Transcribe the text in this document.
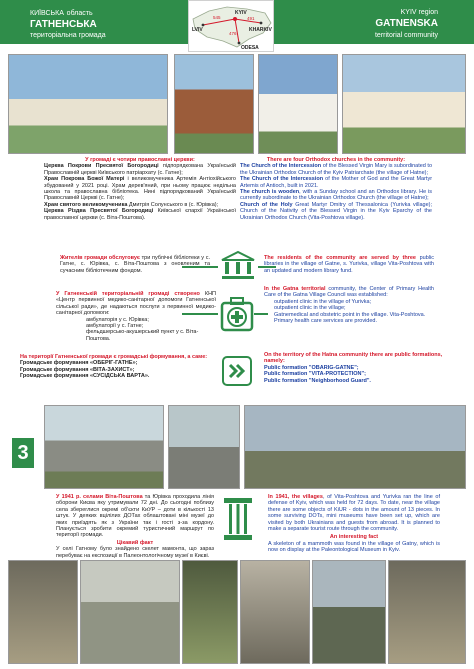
КИЇВСЬКА область
ГАТНЕНСЬКА
територіальна громада
KYIV region
GATNENSKA
territorial community
KYIV
LVIV	KHARKIV
ODESA
545	491
476

У громаді є чотири православні церкви:

Церква Покрови Пресвятої Богородиці підпорядкована Українській Православній церкві Київського патріархату (с. Гатне);

Храм Покрова Божої Матері і великомученика Артемія Антіохійського збудований у 2021 році. Храм дерев'яний, при ньому працює недільна школа та православна бібліотека. Нині підпорядкований Українській Православній Церкві (с. Гатне);

Храм святого великомученика Дмитрія Солунського в (с. Юрівка);

Церква Різдва Пресвятої Богородиці Київської єпархії Української православної церкви (с. Віта-Поштова).

There are four Orthodox churches in the community:

The Church of the Intercession of the Blessed Virgin Mary is subordinated to the Ukrainian Orthodox Church of the Kyiv Patriarchate (the village of Hatne);

The Church of the Intercession of the Mother of God and the Great Martyr Artemis of Antioch, built in 2021.

The church is wooden, with a Sunday school and an Orthodox library. He is currently subordinate to the Ukrainian Orthodox Church (the village of Hatne);

Church of the Holy Great Martyr Dmitry of Thessalonica (Yurivka village); Church of the Nativity of the Blessed Virgin in the Kyiv Eparchy of the Ukrainian Orthodox Church (Vita-Poshtova village).

Жителів громади обслуговує три публічні бібліотеки у с. Гатне, с. Юрівка, с. Віта-Поштова з оновленим та сучасним бібліотечним фондом.
The residents of the community are served by three public libraries in the village of Gatne, s. Yurivka, village Vita-Poshtova with an updated and modern library fund.

У Гатненській територіальній громаді створено КНП «Центр первинної медико-санітарної допомоги Гатненської сільської ради», де надаються послуги з первинної медико-санітарної допомоги:

амбулаторія у с. Юрівка;

амбулаторії у с. Гатне;

фельдшерсько-акушерський пункт у с. Віта-Поштова.

In the Gatna territorial community, the Center of Primary Health Care of the Gatna Village Council was established:

outpatient clinic in the village of Yurivka;

outpatient clinic in the village;

Gatnemedical and obstetric point in the village. Vita-Poshtova.

Primary health care services are provided.

На території Гатненської громади є громадські формування, а саме:

Громадське формування «ОБЕРІГ-ГАТНЕ»;

Громадське формування «ВІТА-ЗАХИСТ»;

Громадське формування «СУСІДСЬКА ВАРТА».

On the territory of the Hatna community there are public formations, namely:

Public formation "OBARIG-GATNE";

Public formation "VITA-PROTECTION";

Public formation "Neighborhood Guard".

3

У 1941 р. селами Віта-Поштова та Юрівка проходила лінія оборони Києва яку утримували 72 дні. До сьогодні поблизу села збереглися окремі об'єкти КиУР – доти в кількості 13 штук. У деяких вцілілих ДОТах облаштовані міні музеї до яких приїздять як з України так і гості з-за кордону. Планується зробити окремий туристичний маршрут по території громади.

Цікавий факт

У селі Гатному було знайдено скелет мамонта, що зараз перебуває на експозиції в Палеонтологічному музеї в Києві.

In 1941, the villages, of Vita-Poshtova and Yurivka ran the line of defense of Kyiv, which was held for 72 days. To date, near the village there are some objects of KiUR - dots in the amount of 13 pieces. In some surviving DOTs, mini museums have been set up, which are visited by both Ukrainians and guests from abroad. It is planned to make a separate tourist route through the community.

An interesting fact

A skeleton of a mammoth was found in the village of Gatny, which is now on display at the Paleontological Museum in Kyiv.
